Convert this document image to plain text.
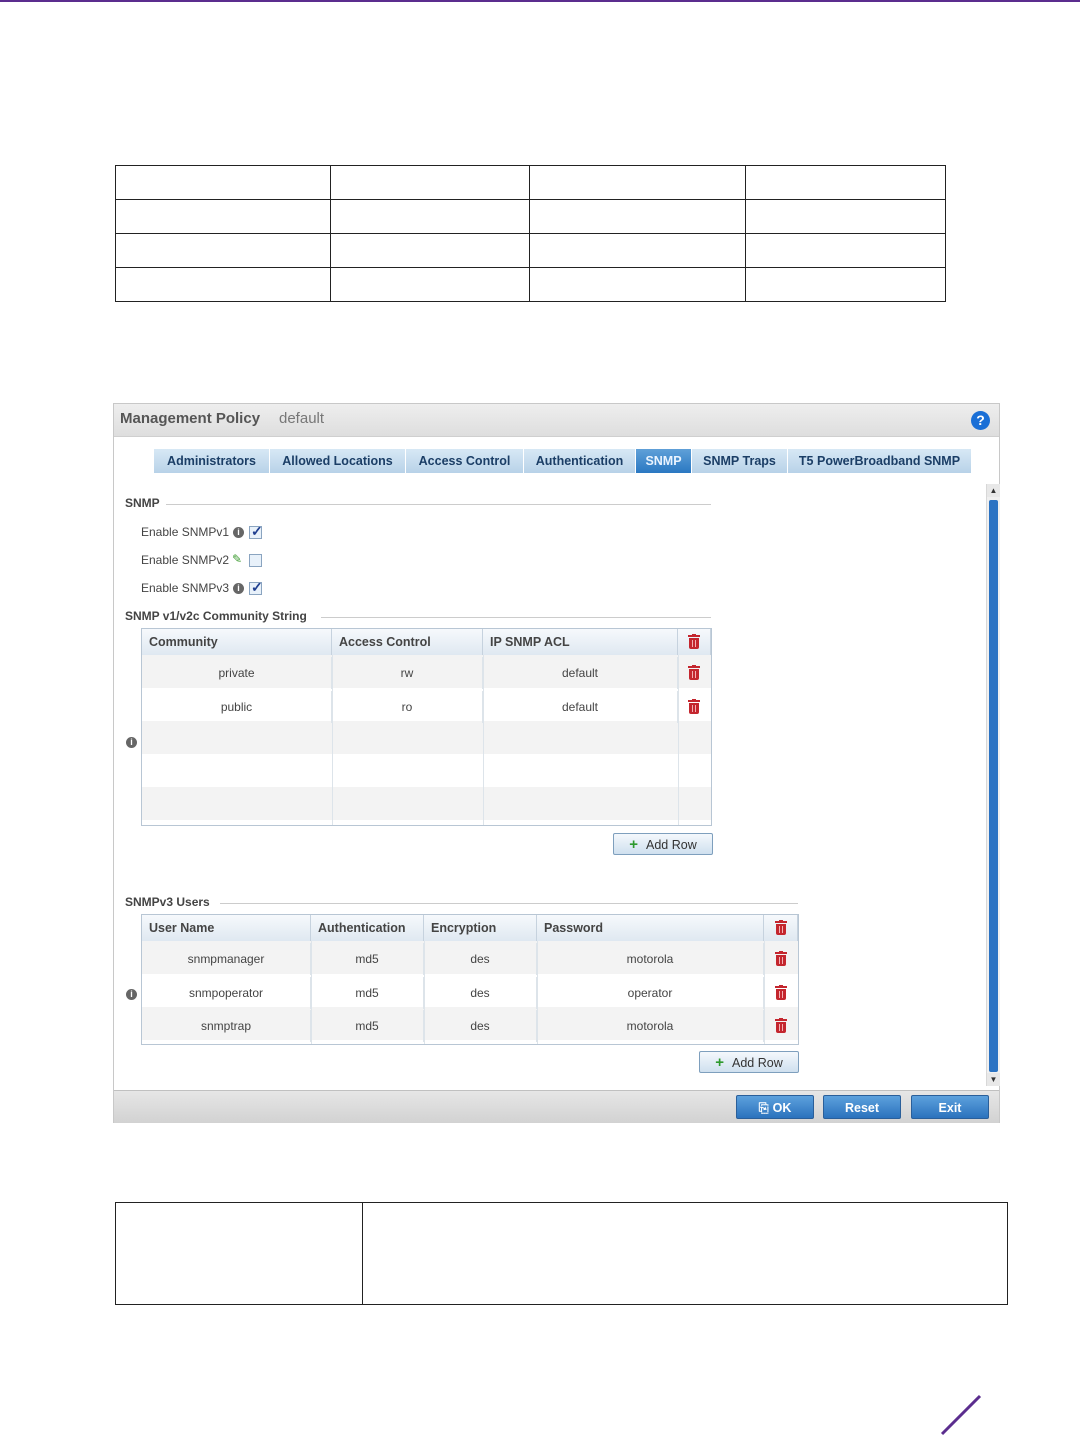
Management Policy default	?
Administrators	Allowed Locations	Access Control	Authentication	SNMP	SNMP Traps	T5 PowerBroadband SNMP
SNMP
Enable SNMPv1 i ✓
Enable SNMPv2 ✎
Enable SNMPv3 i ✓
SNMP v1/v2c Community String
i
Community	Access Control	IP SNMP ACL
private	rw	default
public	ro	default
+ Add Row
SNMPv3 Users
i
User Name	Authentication	Encryption	Password
snmpmanager	md5	des	motorola
snmpoperator	md5	des	operator
snmptrap	md5	des	motorola
+ Add Row
▲
▼
⎘ OK	Reset	Exit
